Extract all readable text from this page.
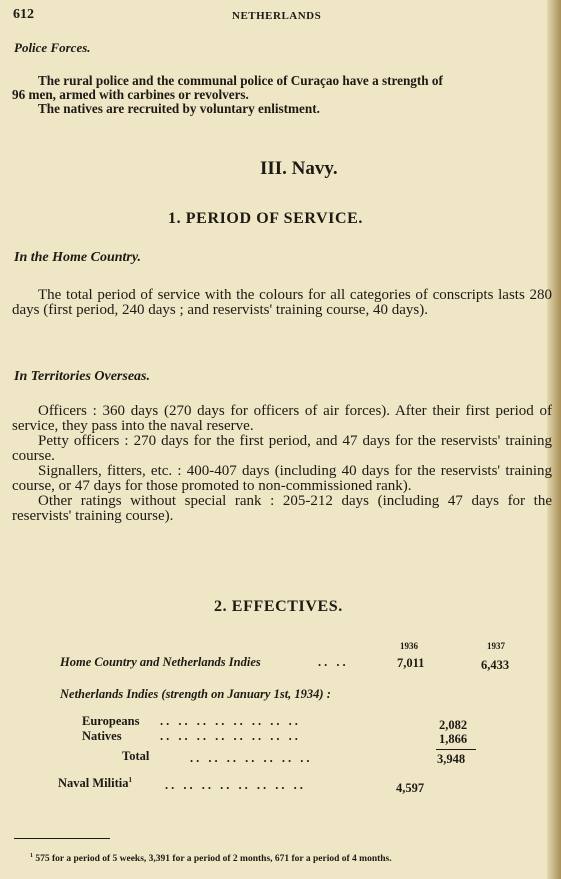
612	NETHERLANDS
Police Forces.
The rural police and the communal police of Curaçao have a strength of
96 men, armed with carbines or revolvers.
The natives are recruited by voluntary enlistment.
III. Navy.
1. PERIOD OF SERVICE.
In the Home Country.

The total period of service with the colours for all categories of conscripts lasts 280 days (first period, 240 days ; and reservists' training course, 40 days).

In Territories Overseas.

Officers : 360 days (270 days for officers of air forces). After their first period of service, they pass into the naval reserve.

Petty officers : 270 days for the first period, and 47 days for the reservists' training course.

Signallers, fitters, etc. : 400-407 days (including 40 days for the reservists' training course, or 47 days for those promoted to non-commissioned rank).

Other ratings without special rank : 205-212 days (including 47 days for the reservists' training course).

2. EFFECTIVES.
1936	1937
Home Country and Netherlands Indies	.. ..	7,011	6,433
Netherlands Indies (strength on January 1st, 1934) :
Europeans .. .. .. .. .. .. .. ..	2,082
Natives	.. .. .. .. .. .. .. ..	1,866
Total	.. .. .. .. .. .. ..	3,948
Naval Militia$^1$	.. .. .. .. .. .. .. ..	4,597
$^1$ 575 for a period of 5 weeks, 3,391 for a period of 2 months, 671 for a period of 4 months.
